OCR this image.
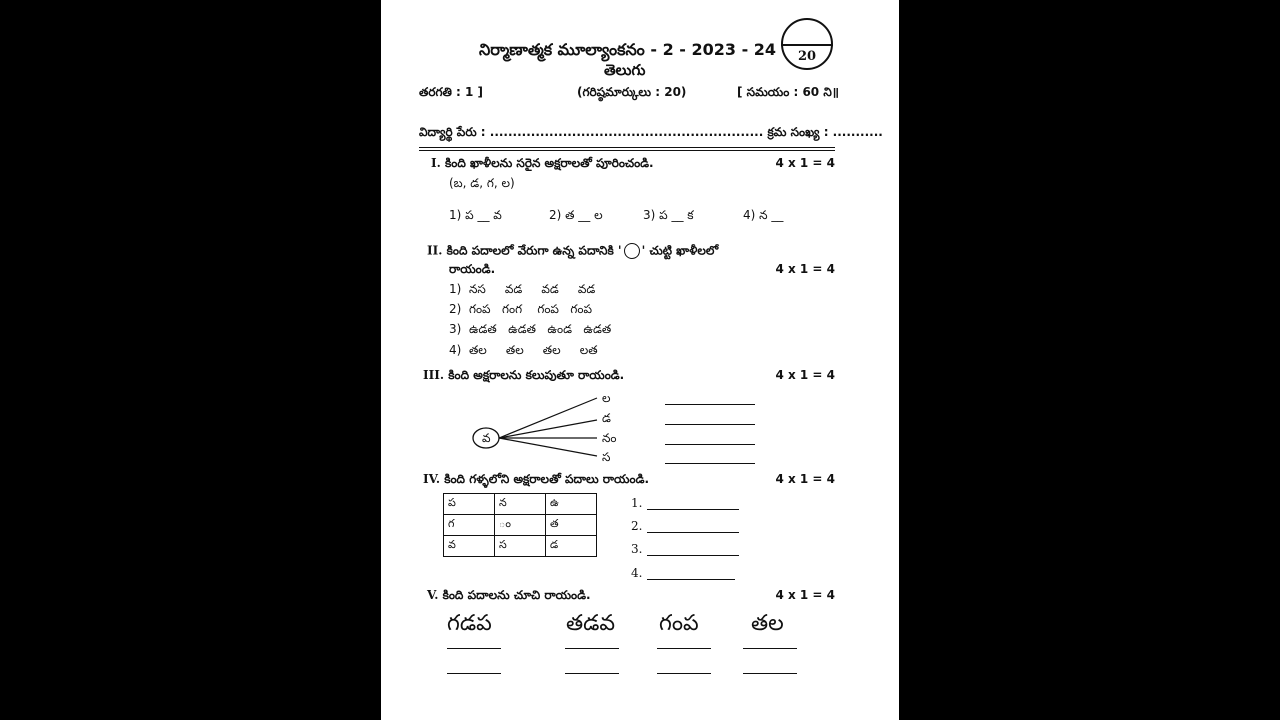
నిర్మాణాత్మక మూల్యాంకనం - 2 - 2023 - 24
తెలుగు
20
తరగతి : 1 ]	(గరిష్ఠమార్కులు : 20)	[ సమయం : 60 ని॥
విద్యార్థి పేరు : ............................................................ క్రమ సంఖ్య : ...........
I. కింది ఖాళీలను సరైన అక్షరాలతో పూరించండి.	4 x 1 = 4
(బ, డ, గ, ల)
1) ప __ వ	2) త __ ల	3) ప __ క	4) న __
II. కింది పదాలలో వేరుగా ఉన్న పదానికి ' ' చుట్టి ఖాళీలలో
రాయండి.	4 x 1 = 4
1)  నస     వడ     వడ     వడ
2)  గంప   గంగ    గంప   గంప
3)  ఉడత   ఉడత   ఉండ   ఉడత
4)  తల     తల     తల     లత
III. కింది అక్షరాలను కలుపుతూ రాయండి.	4 x 1 = 4
వ
ల
డ
నం
స
IV. కింది గళ్ళలోని అక్షరాలతో పదాలు రాయండి.	4 x 1 = 4
ప	న	ఉ
గ	ం	త
వ	స	డ
1.
2.
3.
4.
V. కింది పదాలను చూచి రాయండి.	4 x 1 = 4
గడప	తడవ గంప తల
